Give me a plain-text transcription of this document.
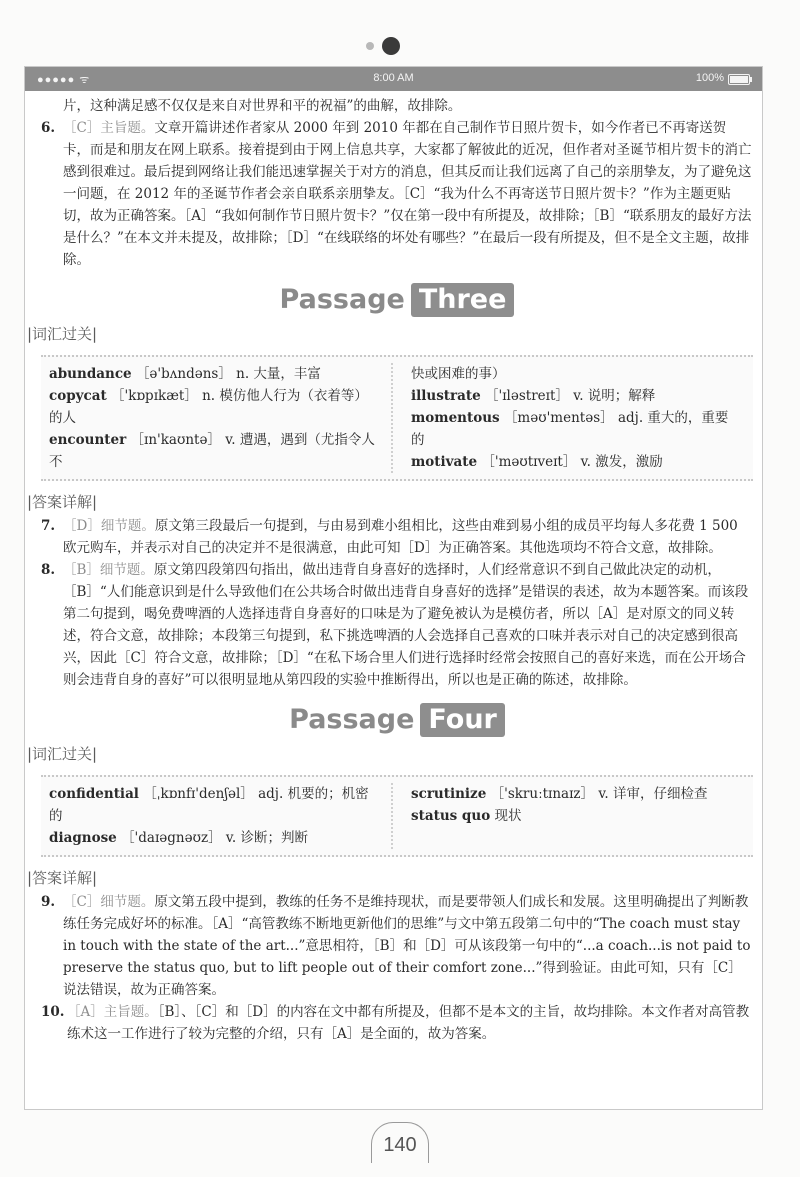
●●●●● ᯤ	8:00 AM	100%

片，这种满足感不仅仅是来自对世界和平的祝福”的曲解，故排除。

6. ［C］主旨题。文章开篇讲述作者家从 2000 年到 2010 年都在自己制作节日照片贺卡，如今作者已不再寄送贺卡，而是和朋友在网上联系。接着提到由于网上信息共享，大家都了解彼此的近况，但作者对圣诞节相片贺卡的消亡感到很难过。最后提到网络让我们能迅速掌握关于对方的消息，但其反而让我们远离了自己的亲朋挚友，为了避免这一问题，在 2012 年的圣诞节作者会亲自联系亲朋挚友。［C］“我为什么不再寄送节日照片贺卡？”作为主题更贴切，故为正确答案。［A］“我如何制作节日照片贺卡？”仅在第一段中有所提及，故排除；［B］“联系朋友的最好方法是什么？”在本文并未提及，故排除；［D］“在线联络的坏处有哪些？”在最后一段有所提及，但不是全文主题，故排除。
Passage Three
|词汇过关|

abundance ［ə'bʌndəns］ n. 大量，丰富

copycat ［'kɒpɪkæt］ n. 模仿他人行为（衣着等）的人

encounter ［ɪn'kaʊntə］ v. 遭遇，遇到（尤指令人不

快或困难的事）

illustrate ［'ɪləstreɪt］ v. 说明；解释

momentous ［məʊ'mentəs］ adj. 重大的，重要的

motivate ［'məʊtɪveɪt］ v. 激发，激励

|答案详解|
7. ［D］细节题。原文第三段最后一句提到，与由易到难小组相比，这些由难到易小组的成员平均每人多花费 1 500 欧元购车，并表示对自己的决定并不是很满意，由此可知［D］为正确答案。其他选项均不符合文意，故排除。
8. ［B］细节题。原文第四段第四句指出，做出违背自身喜好的选择时，人们经常意识不到自己做此决定的动机，［B］“人们能意识到是什么导致他们在公共场合时做出违背自身喜好的选择”是错误的表述，故为本题答案。而该段第二句提到，喝免费啤酒的人选择违背自身喜好的口味是为了避免被认为是模仿者，所以［A］是对原文的同义转述，符合文意，故排除；本段第三句提到，私下挑选啤酒的人会选择自己喜欢的口味并表示对自己的决定感到很高兴，因此［C］符合文意，故排除；［D］“在私下场合里人们进行选择时经常会按照自己的喜好来选，而在公开场合则会违背自身的喜好”可以很明显地从第四段的实验中推断得出，所以也是正确的陈述，故排除。
Passage Four
|词汇过关|

confidential ［ˌkɒnfɪ'denʃəl］ adj. 机要的；机密的

diagnose ［'daɪəgnəʊz］ v. 诊断；判断

scrutinize ［'skruːtɪnaɪz］ v. 详审，仔细检查

status quo 现状

|答案详解|
9. ［C］细节题。原文第五段中提到，教练的任务不是维持现状，而是要带领人们成长和发展。这里明确提出了判断教练任务完成好坏的标准。［A］“高管教练不断地更新他们的思维”与文中第五段第二句中的“The coach must stay in touch with the state of the art...”意思相符，［B］和［D］可从该段第一句中的“...a coach...is not paid to preserve the status quo, but to lift people out of their comfort zone...”得到验证。由此可知，只有［C］说法错误，故为正确答案。
10. ［A］主旨题。［B］、［C］和［D］的内容在文中都有所提及，但都不是本文的主旨，故均排除。本文作者对高管教练术这一工作进行了较为完整的介绍，只有［A］是全面的，故为答案。
140
